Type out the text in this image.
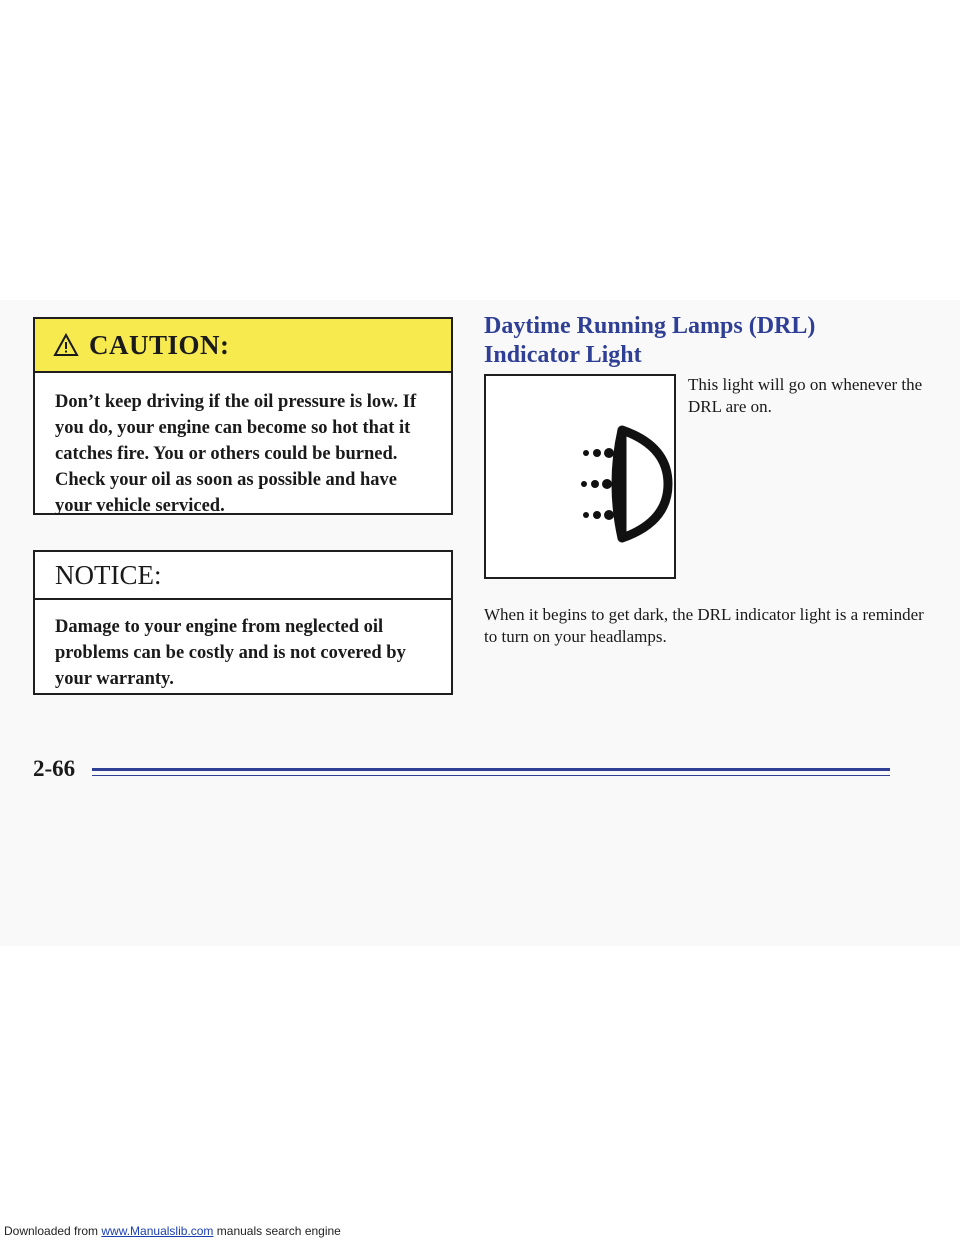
CAUTION:
Don’t keep driving if the oil pressure is low. If you do, your engine can become so hot that it catches fire. You or others could be burned. Check your oil as soon as possible and have your vehicle serviced.
NOTICE:
Damage to your engine from neglected oil problems can be costly and is not covered by your warranty.
Daytime Running Lamps (DRL)
Indicator Light
This light will go on whenever the DRL are on.
When it begins to get dark, the DRL indicator light is a reminder to turn on your headlamps.
2-66
Downloaded from www.Manualslib.com manuals search engine
